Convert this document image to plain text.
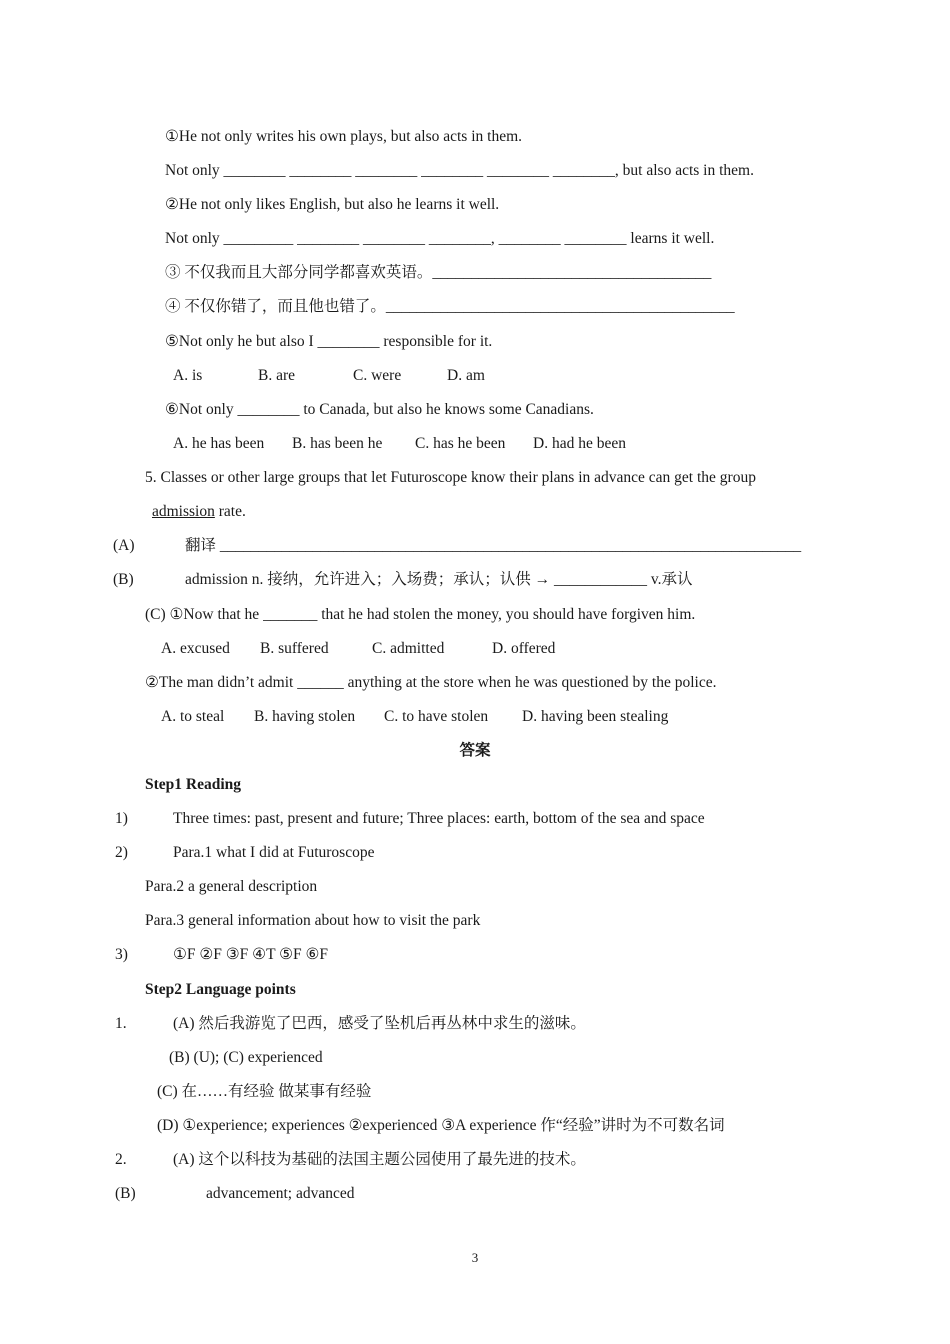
①He not only writes his own plays, but also acts in them.
Not only ________ ________ ________ ________ ________ ________, but also acts in them.
②He not only likes English, but also he learns it well.
Not only _________ ________ ________ ________, ________ ________ learns it well.
③ 不仅我而且大部分同学都喜欢英语。____________________________________
④ 不仅你错了，而且他也错了。_____________________________________________
⑤Not only he but also I ________ responsible for it.
A. is	B. are	C. were	D. am
⑥Not only ________ to Canada, but also he knows some Canadians.
A. he has been B. has been he C. has he been D. had he been
5. Classes or other large groups that let Futuroscope know their plans in advance can get the group
admission rate.
(A)	翻译 ___________________________________________________________________________
(B)	admission n. 接纳，允许进入；入场费；承认；认供 → ____________ v.承认
(C) ①Now that he _______ that he had stolen the money, you should have forgiven him.
A. excused B. suffered	C. admitted	D. offered
②The man didn’t admit ______ anything at the store when he was questioned by the police.
A. to steal B. having stolen C. to have stolen D. having been stealing
答案
Step1 Reading
1)	Three times: past, present and future; Three places: earth, bottom of the sea and space
2)	Para.1 what I did at Futuroscope
Para.2 a general description
Para.3 general information about how to visit the park
3)	①F ②F ③F ④T ⑤F ⑥F
Step2 Language points
1.	(A) 然后我游览了巴西，感受了坠机后再丛林中求生的滋味。
(B) (U); (C) experienced
(C) 在……有经验 做某事有经验
(D) ①experience; experiences ②experienced ③A experience 作“经验”讲时为不可数名词
2.	(A) 这个以科技为基础的法国主题公园使用了最先进的技术。
(B)	advancement; advanced
3
